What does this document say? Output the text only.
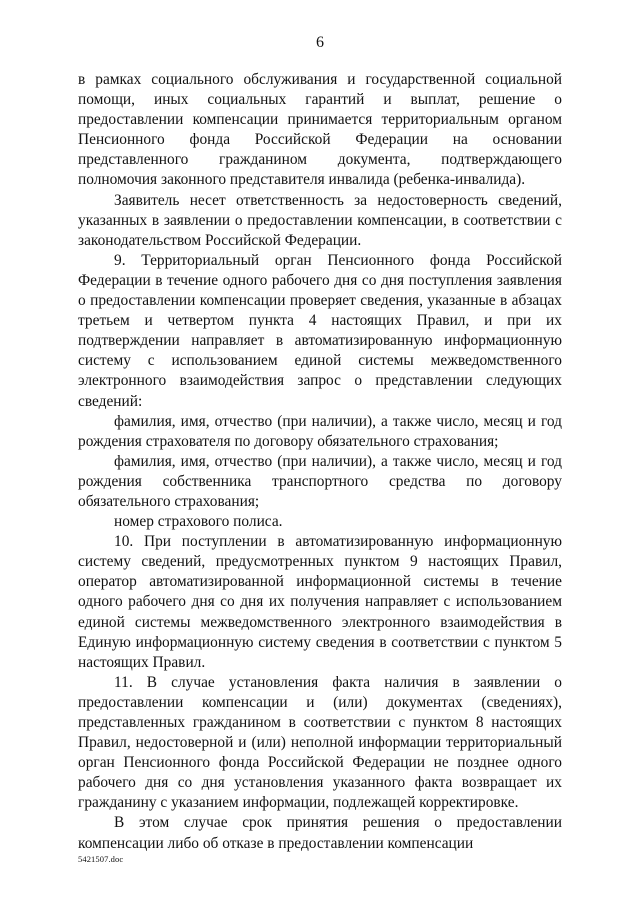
6

в рамках социального обслуживания и государственной социальной помощи, иных социальных гарантий и выплат, решение о предоставлении компенсации принимается территориальным органом Пенсионного фонда Российской Федерации на основании представленного гражданином документа, подтверждающего полномочия законного представителя инвалида (ребенка-инвалида).

Заявитель несет ответственность за недостоверность сведений, указанных в заявлении о предоставлении компенсации, в соответствии с законодательством Российской Федерации.

9. Территориальный орган Пенсионного фонда Российской Федерации в течение одного рабочего дня со дня поступления заявления о предоставлении компенсации проверяет сведения, указанные в абзацах третьем и четвертом пункта 4 настоящих Правил, и при их подтверждении направляет в автоматизированную информационную систему с использованием единой системы межведомственного электронного взаимодействия запрос о представлении следующих сведений:

фамилия, имя, отчество (при наличии), а также число, месяц и год рождения страхователя по договору обязательного страхования;

фамилия, имя, отчество (при наличии), а также число, месяц и год рождения собственника транспортного средства по договору обязательного страхования;

номер страхового полиса.

10. При поступлении в автоматизированную информационную систему сведений, предусмотренных пунктом 9 настоящих Правил, оператор автоматизированной информационной системы в течение одного рабочего дня со дня их получения направляет с использованием единой системы межведомственного электронного взаимодействия в Единую информационную систему сведения в соответствии с пунктом 5 настоящих Правил.

11. В случае установления факта наличия в заявлении о предоставлении компенсации и (или) документах (сведениях), представленных гражданином в соответствии с пунктом 8 настоящих Правил, недостоверной и (или) неполной информации территориальный орган Пенсионного фонда Российской Федерации не позднее одного рабочего дня со дня установления указанного факта возвращает их гражданину с указанием информации, подлежащей корректировке.

В этом случае срок принятия решения о предоставлении компенсации либо об отказе в предоставлении компенсации

5421507.doc
